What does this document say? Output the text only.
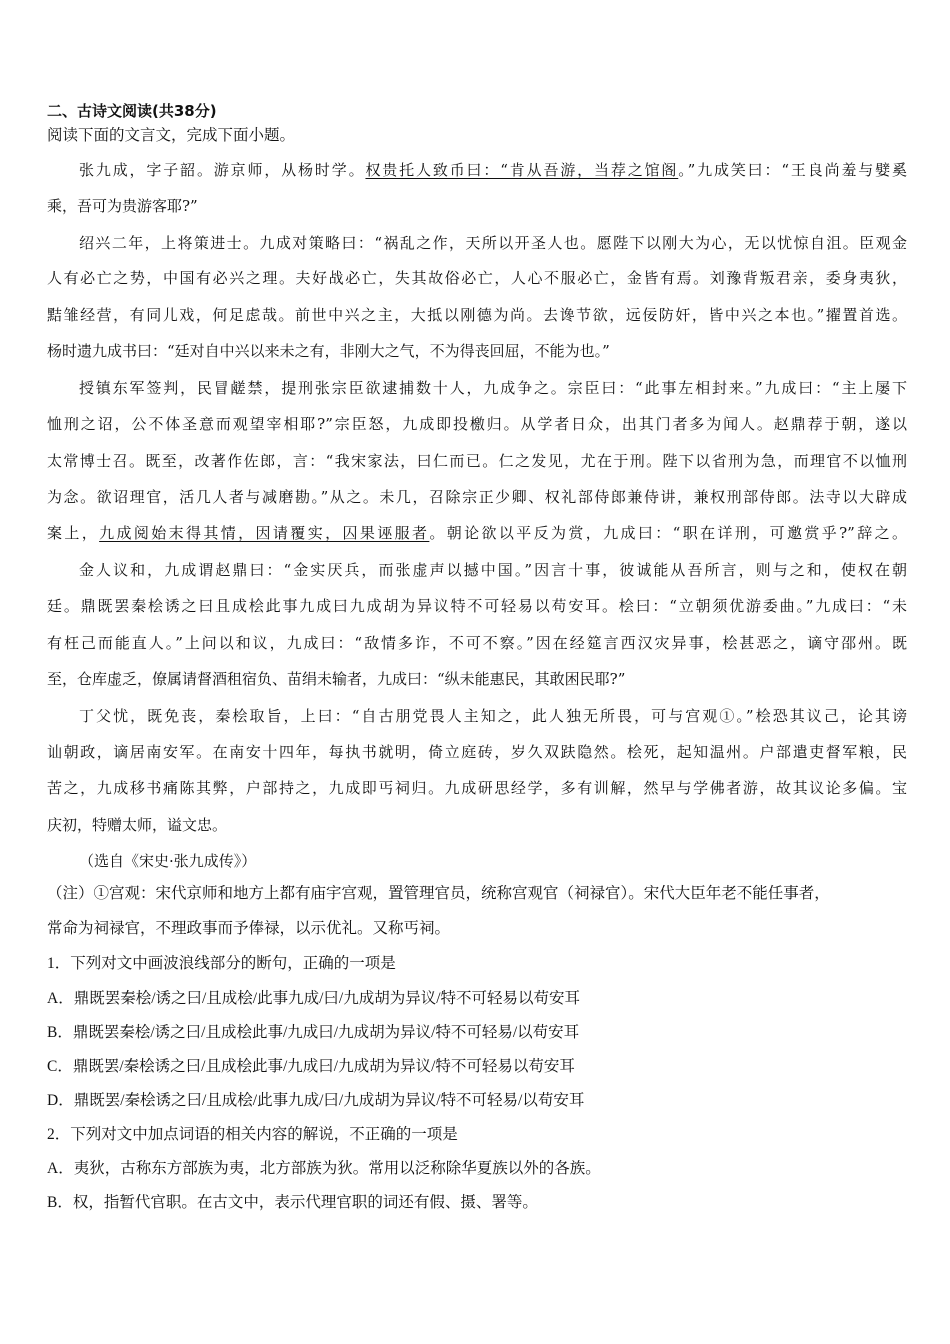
二、古诗文阅读(共38分)
阅读下面的文言文，完成下面小题。
张九成，字子韶。游京师，从杨时学。权贵托人致币曰：“肯从吾游，当荐之馆阁。”九成笑曰：“王良尚羞与嬖奚
乘，吾可为贵游客耶?”
绍兴二年，上将策进士。九成对策略曰：“祸乱之作，天所以开圣人也。愿陛下以刚大为心，无以忧惊自沮。臣观金
人有必亡之势，中国有必兴之理。夫好战必亡，失其故俗必亡，人心不服必亡，金皆有焉。刘豫背叛君亲，委身夷狄，
黠雏经营，有同儿戏，何足虑哉。前世中兴之主，大抵以刚德为尚。去谗节欲，远佞防奸，皆中兴之本也。”擢置首选。
杨时遗九成书曰：“廷对自中兴以来未之有，非刚大之气，不为得丧回屈，不能为也。”
授镇东军签判，民冒鹾禁，提刑张宗臣欲逮捕数十人，九成争之。宗臣曰：“此事左相封来。”九成曰：“主上屡下
恤刑之诏，公不体圣意而观望宰相耶?”宗臣怒，九成即投檄归。从学者日众，出其门者多为闻人。赵鼎荐于朝，遂以
太常博士召。既至，改著作佐郎，言：“我宋家法，曰仁而已。仁之发见，尤在于刑。陛下以省刑为急，而理官不以恤刑
为念。欲诏理官，活几人者与减磨勘。”从之。未几，召除宗正少卿、权礼部侍郎兼侍讲，兼权刑部侍郎。法寺以大辟成
案上，九成阅始末得其情，因请覆实，囚果诬服者。朝论欲以平反为赏，九成曰：“职在详刑，可邀赏乎?”辞之。
金人议和，九成谓赵鼎曰：“金实厌兵，而张虚声以撼中国。”因言十事，彼诚能从吾所言，则与之和，使权在朝
廷。鼎既罢秦桧诱之曰且成桧此事九成曰九成胡为异议特不可轻易以苟安耳。桧曰：“立朝须优游委曲。”九成曰：“未
有枉己而能直人。”上问以和议，九成曰：“敌情多诈，不可不察。”因在经筵言西汉灾异事，桧甚恶之，谪守邵州。既
至，仓库虚乏，僚属请督酒租宿负、苗绢未输者，九成曰：“纵未能惠民，其敢困民耶?”
丁父忧，既免丧，秦桧取旨，上曰：“自古朋党畏人主知之，此人独无所畏，可与宫观①。”桧恐其议己，论其谤
讪朝政，谪居南安军。在南安十四年，每执书就明，倚立庭砖，岁久双趺隐然。桧死，起知温州。户部遣吏督军粮，民
苦之，九成移书痛陈其弊，户部持之，九成即丐祠归。九成研思经学，多有训解，然早与学佛者游，故其议论多偏。宝
庆初，特赠太师，谥文忠。
（选自《宋史·张九成传》）
（注）①宫观：宋代京师和地方上都有庙宇宫观，置管理官员，统称宫观官（祠禄官）。宋代大臣年老不能任事者，
常命为祠禄官，不理政事而予俸禄，以示优礼。又称丐祠。
1．下列对文中画波浪线部分的断句，正确的一项是
A．鼎既罢秦桧/诱之曰/且成桧/此事九成/曰/九成胡为异议/特不可轻易以苟安耳
B．鼎既罢秦桧/诱之曰/且成桧此事/九成曰/九成胡为异议/特不可轻易/以苟安耳
C．鼎既罢/秦桧诱之曰/且成桧此事/九成曰/九成胡为异议/特不可轻易以苟安耳
D．鼎既罢/秦桧诱之曰/且成桧/此事九成/曰/九成胡为异议/特不可轻易/以苟安耳
2．下列对文中加点词语的相关内容的解说，不正确的一项是
A．夷狄，古称东方部族为夷，北方部族为狄。常用以泛称除华夏族以外的各族。
B．权，指暂代官职。在古文中，表示代理官职的词还有假、摄、署等。
